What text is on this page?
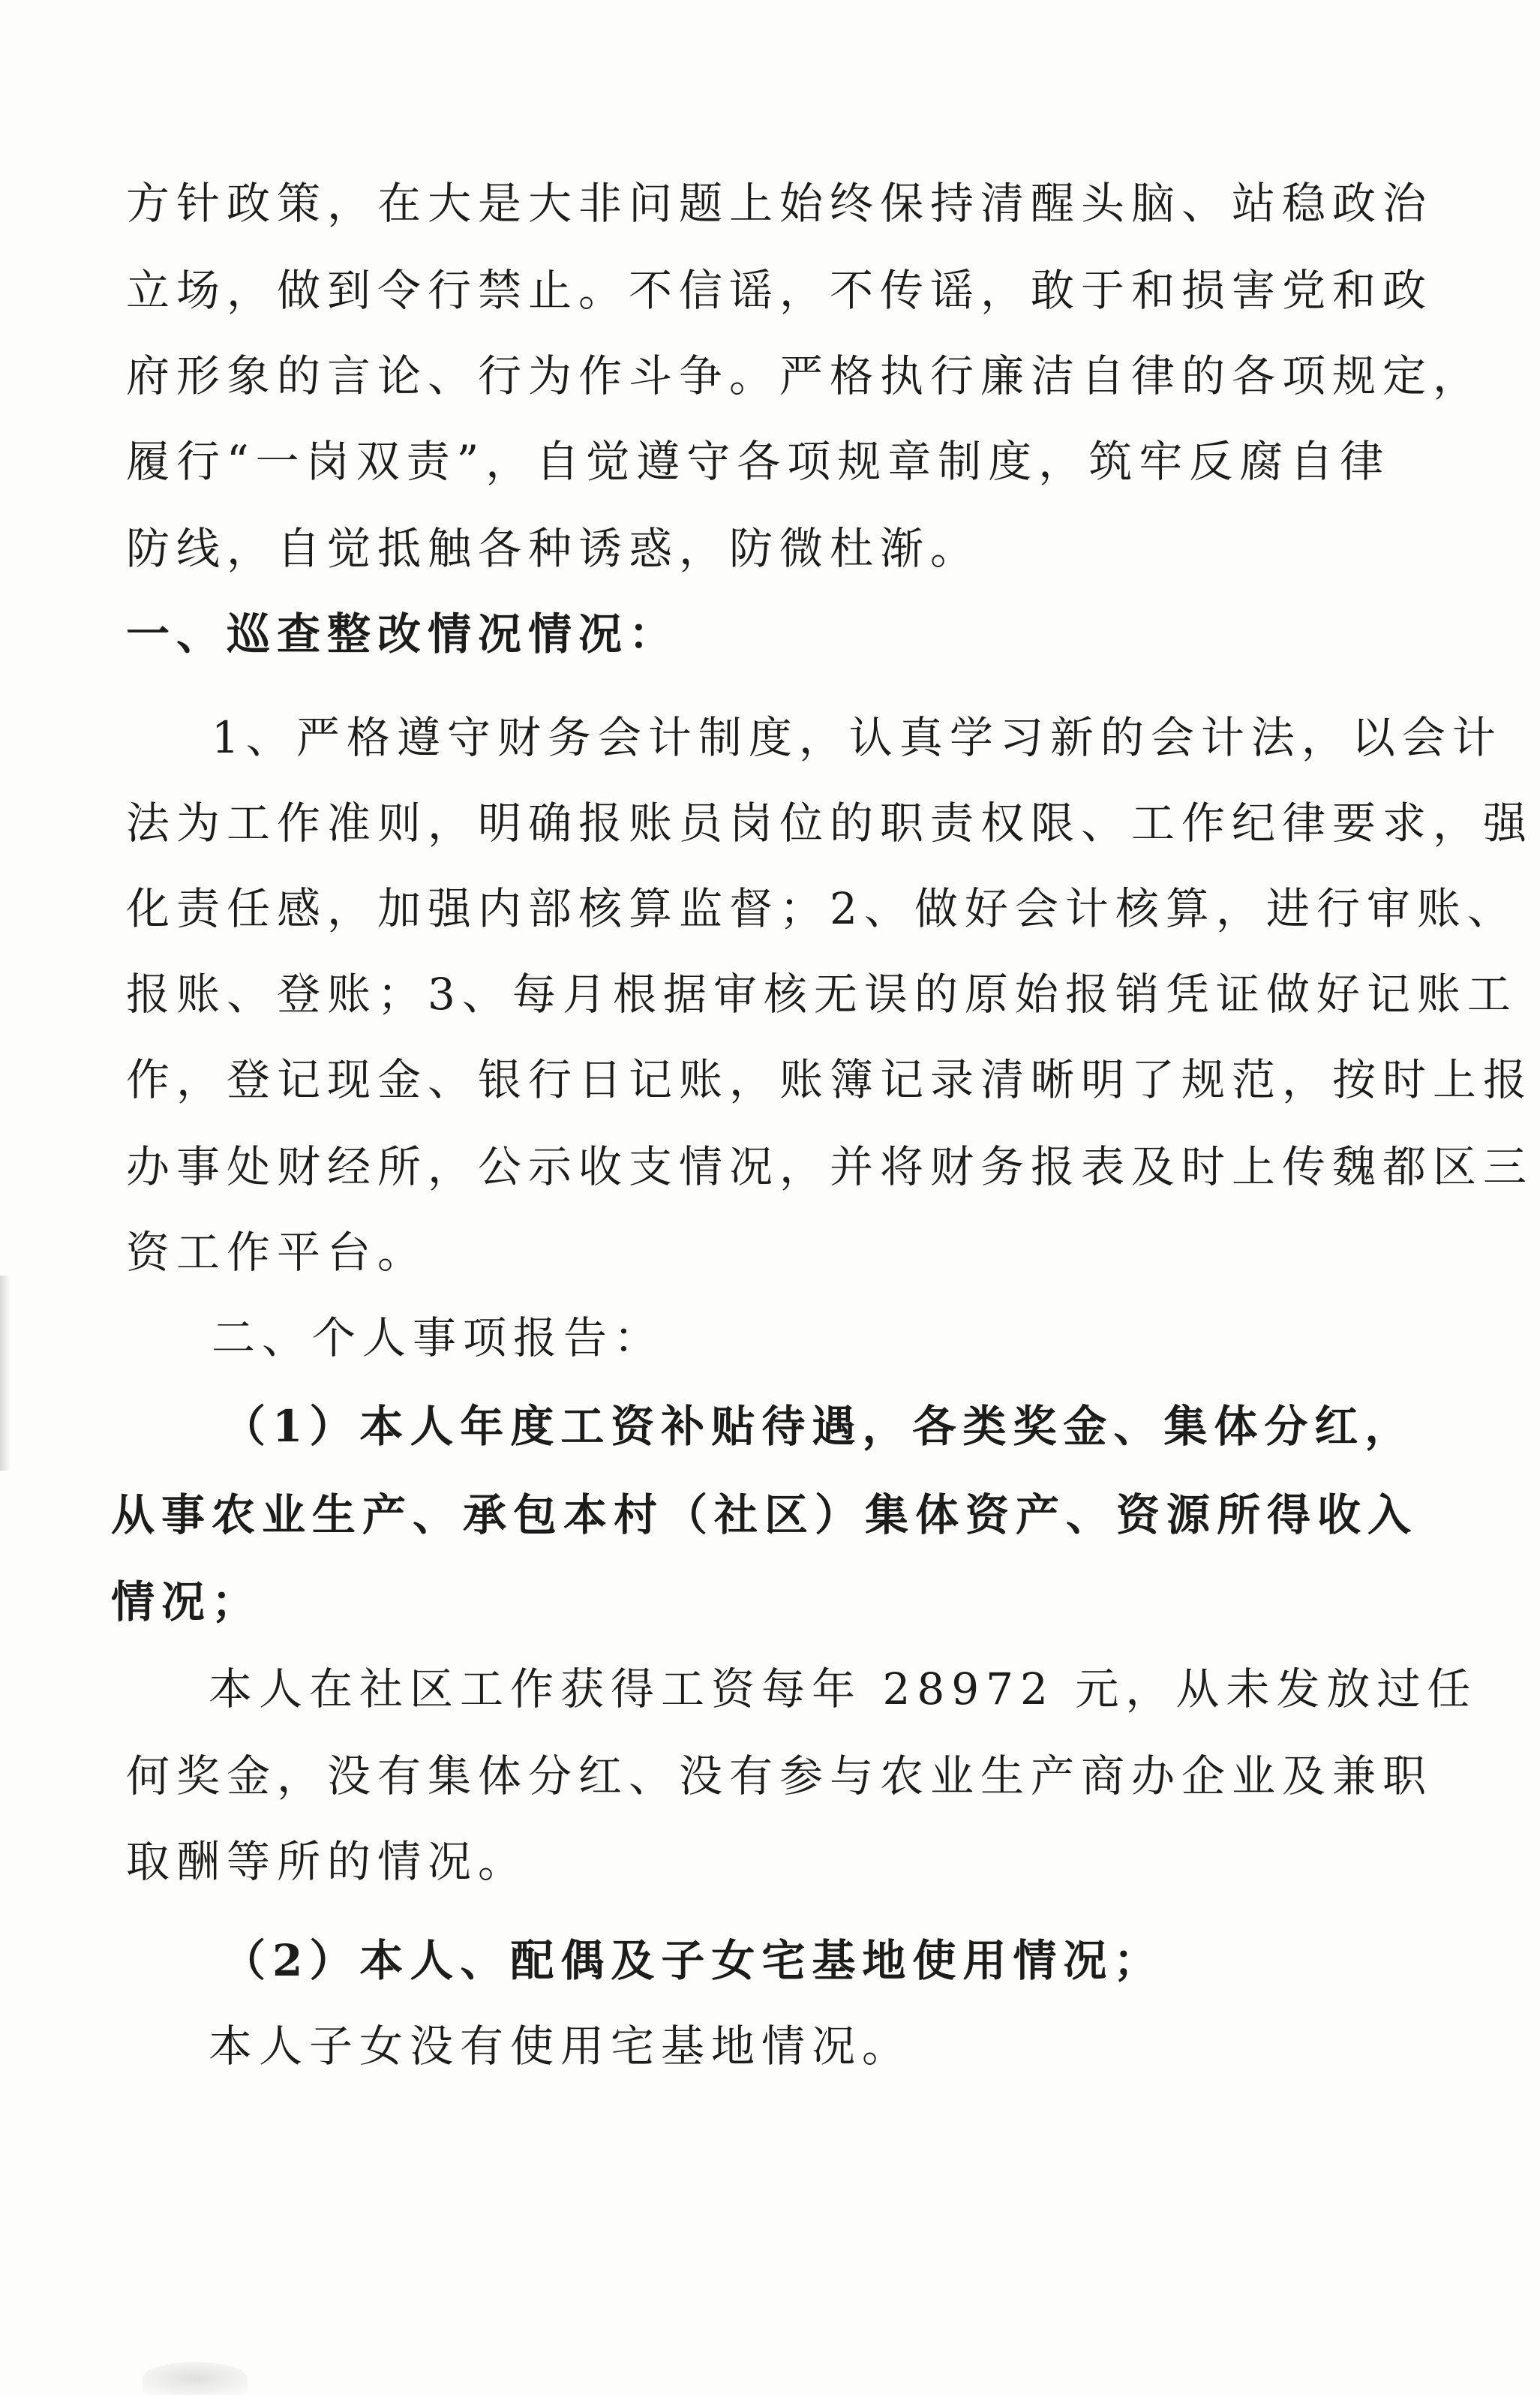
方针政策，在大是大非问题上始终保持清醒头脑、站稳政治
立场，做到令行禁止。不信谣，不传谣，敢于和损害党和政
府形象的言论、行为作斗争。严格执行廉洁自律的各项规定，
履行“一岗双责”，自觉遵守各项规章制度，筑牢反腐自律
防线，自觉抵触各种诱惑，防微杜渐。
一、巡查整改情况情况：
1、严格遵守财务会计制度，认真学习新的会计法，以会计
法为工作准则，明确报账员岗位的职责权限、工作纪律要求，强
化责任感，加强内部核算监督；2、做好会计核算，进行审账、
报账、登账；3、每月根据审核无误的原始报销凭证做好记账工
作，登记现金、银行日记账，账簿记录清晰明了规范，按时上报
办事处财经所，公示收支情况，并将财务报表及时上传魏都区三
资工作平台。
二、个人事项报告：
（1）本人年度工资补贴待遇，各类奖金、集体分红，
从事农业生产、承包本村（社区）集体资产、资源所得收入
情况；
本人在社区工作获得工资每年 28972 元，从未发放过任
何奖金，没有集体分红、没有参与农业生产商办企业及兼职
取酬等所的情况。
（2）本人、配偶及子女宅基地使用情况；
本人子女没有使用宅基地情况。
